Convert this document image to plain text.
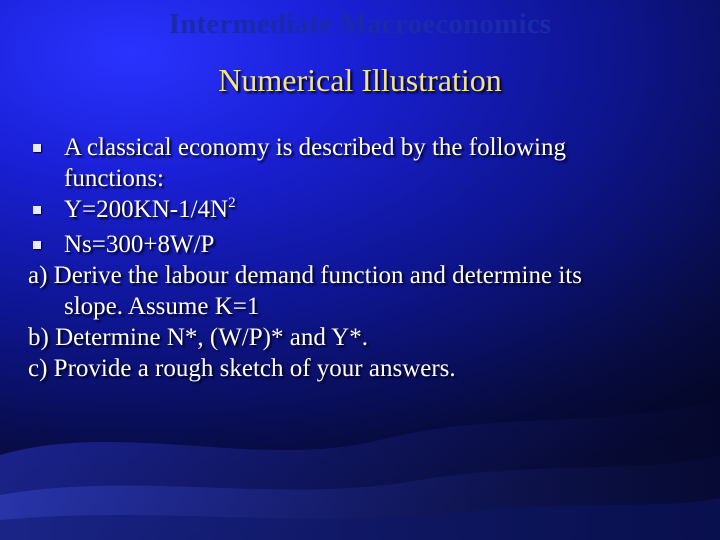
Intermediate Macroeconomics
Numerical Illustration
A classical economy is described by the following
functions:
$Y=200KN-1/4N^2$
Ns=300+8W/P
a) Derive the labour demand function and determine its
slope. Assume K=1
b) Determine N*, (W/P)* and Y*.
c) Provide a rough sketch of your answers.
